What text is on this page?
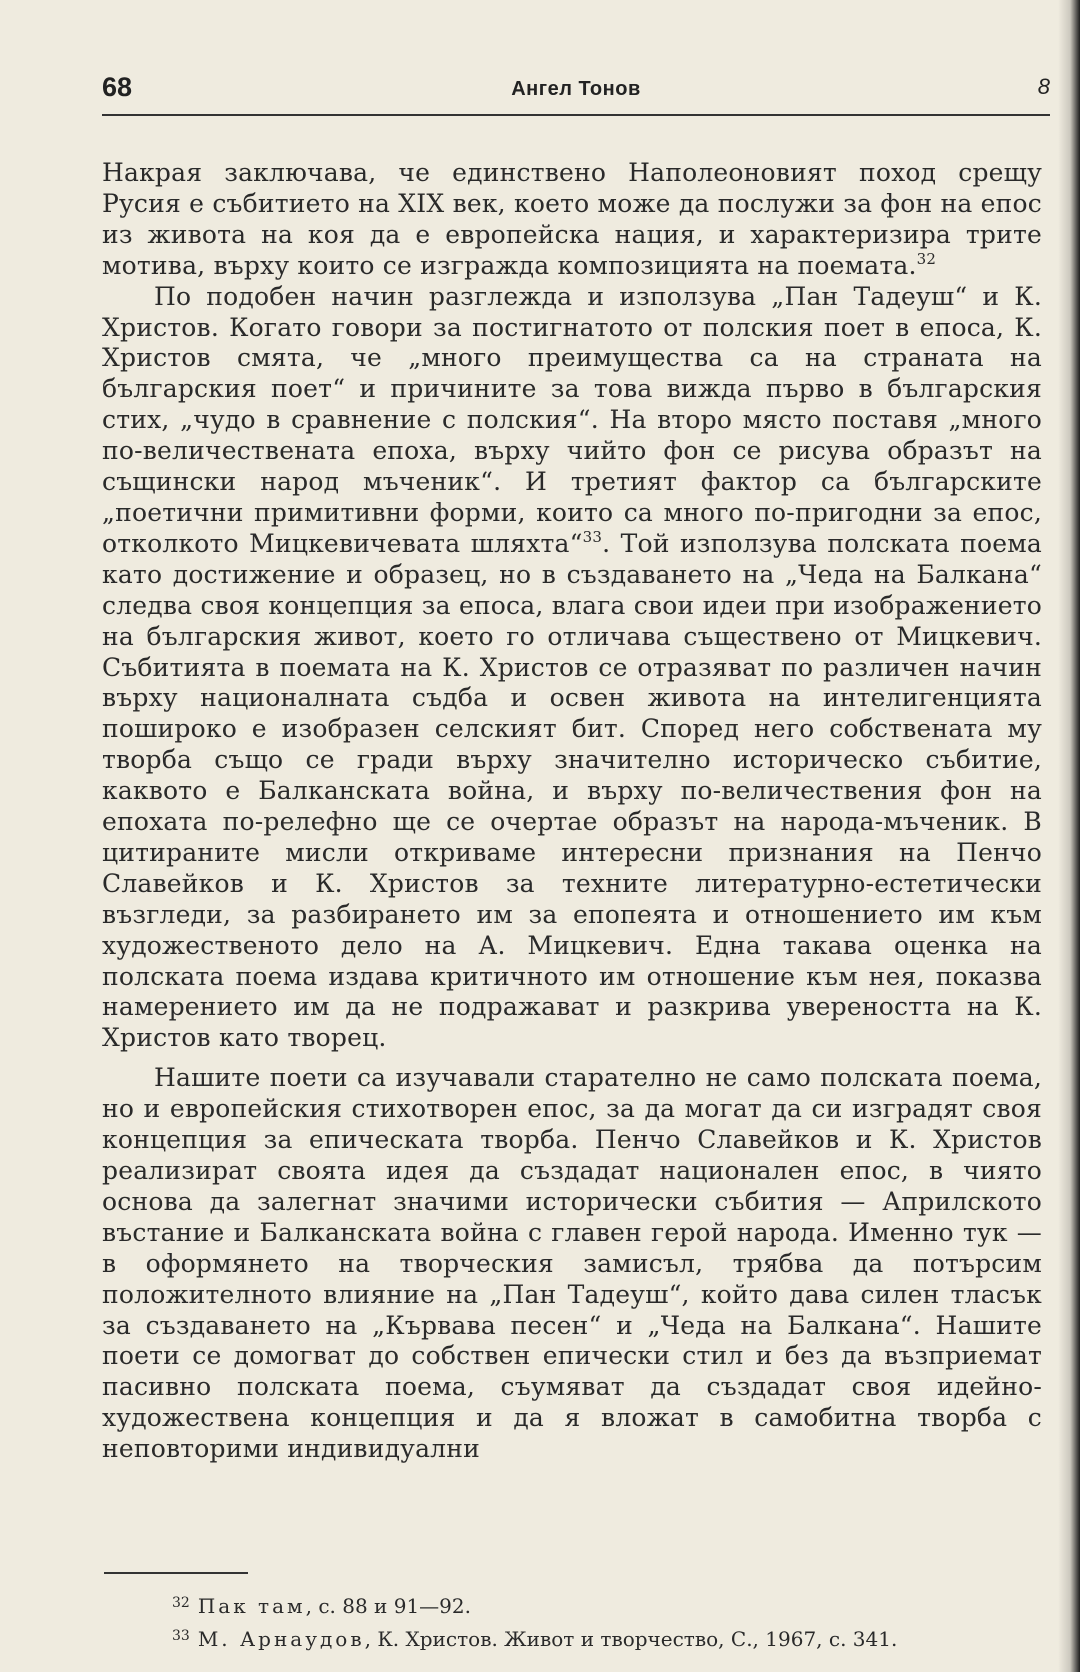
68	Ангел Тонов	8

Накрая заключава, че единствено Наполеоновият поход срещу Русия е събитието на XIX век, което може да послужи за фон на епос из живота на коя да е европейска нация, и характеризира трите мотива, върху които се изгражда композицията на поемата.$^{32}$

По подобен начин разглежда и използува „Пан Тадеуш“ и К. Христов. Когато говори за постигнатото от полския поет в епоса, К. Христов смята, че „много преимущества са на страната на българския поет“ и причините за това вижда първо в българския стих, „чудо в сравнение с полския“. На второ място поставя „много по-величествената епоха, върху чийто фон се рисува образът на същински народ мъченик“. И третият фактор са българските „поетични примитивни форми, които са много по-пригодни за епос, отколкото Мицкевичевата шляхта“$^{33}$. Той използува полската поема като достижение и образец, но в създаването на „Чеда на Балкана“ следва своя концепция за епоса, влага свои идеи при изображението на българския живот, което го отличава съществено от Мицкевич. Събитията в поемата на К. Христов се отразяват по различен начин върху националната съдба и освен живота на интелигенцията поширокo е изобразен селският бит. Според него собствената му творба също се гради върху значително историческо събитие, каквото е Балканската война, и върху по-величествения фон на епохата по-релефно ще се очертае образът на народа-мъченик. В цитираните мисли откриваме интересни признания на Пенчо Славейков и К. Христов за техните литературно-естетически възгледи, за разбирането им за епопеята и отношението им към художественото дело на А. Мицкевич. Една такава оценка на полската поема издава критичното им отношение към нея, показва намерението им да не подражават и разкрива увереността на К. Христов като творец.

Нашите поети са изучавали старателно не само полската поема, но и европейския стихотворен епос, за да могат да си изградят своя концепция за епическата творба. Пенчо Славейков и К. Христов реализират своята идея да създадат национален епос, в чиято основа да залегнат значими исторически събития — Априлското въстание и Балканската война с главен герой народа. Именно тук — в оформянето на творческия замисъл, трябва да потърсим положителното влияние на „Пан Тадеуш“, който дава силен тласък за създаването на „Кървава песен“ и „Чеда на Балкана“. Нашите поети се домогват до собствен епически стил и без да възприемат пасивно полската поема, съумяват да създадат своя идейно-художествена концепция и да я вложат в самобитна творба с неповторими индивидуални

$^{32}$ Пак там, с. 88 и 91—92.
$^{33}$ М. Арнаудов, К. Христов. Живот и творчество, С., 1967, с. 341.
